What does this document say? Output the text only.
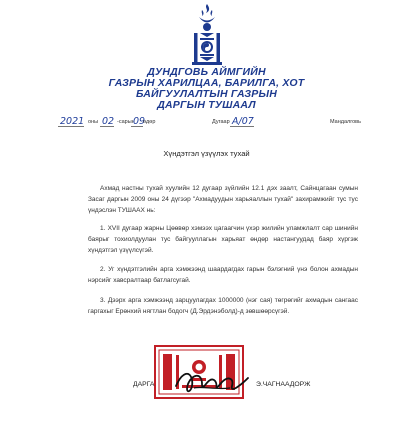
ДУНДГОВЬ АЙМГИЙН
ГАЗРЫН ХАРИЛЦАА, БАРИЛГА, ХОТ
БАЙГУУЛАЛТЫН ГАЗРЫН
ДАРГЫН ТУШААЛ
2021 оны 02 -сарын
09
өдөр	Дугаар А/07	Мандалговь
Хүндэтгэл үзүүлэх тухай
Ахмад настны тухай хуулийн 12 дугаар зүйлийн 12.1 дэх заалт, Сайнцагаан сумын Засаг даргын 2009 оны 24 дүгээр "Ахмадуудын харьяаллын тухай" захирамжийг тус тус үндэслэн ТУШААХ нь:
1. XVII дугаар жарны Цөөвөр хэмээх цагаагчин үхэр жилийн уламжлалт сар шинийн баярыг тохиолдуулан тус байгууллагын харьяат өндөр настангуудад баяр хүргэж хүндэтгэл үзүүлсүгэй.
2. Уг хүндэтгэлийн арга хэмжээнд шаардагдах гарын бэлэгний үнэ болон ахмадын нэрсийг хавсралтаар батлагсугай.
3. Дээрх арга хэмжээнд зарцуулагдах 1000000 (нэг сая) төгрөгийг ахмадын сангаас гаргахыг Ерөнхий нягтлан бодогч (Д.Эрдэнэболд)-д зөвшөөрсүгэй.
ДАРГА	Э.ЧАГНААДОРЖ
